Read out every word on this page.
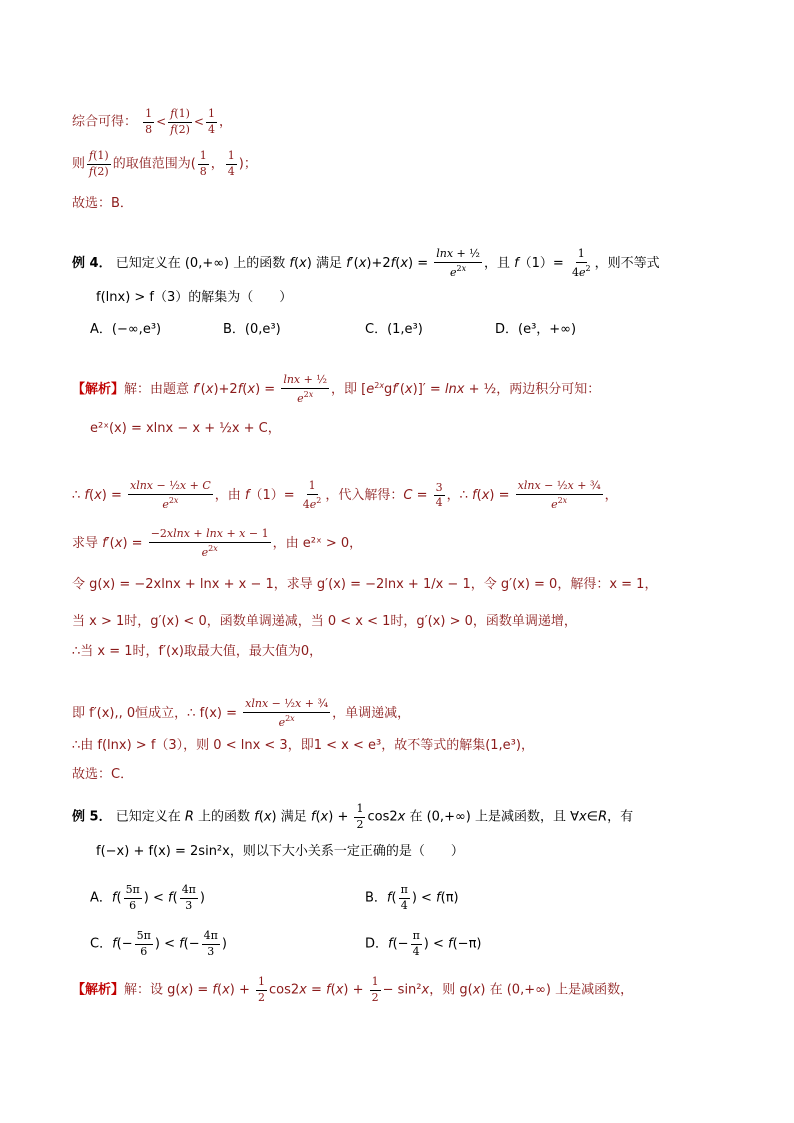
综合可得： $\frac{1}{8} < \frac{f(1)}{f(2)} < \frac{1}{4}$ ，
则 $\frac{f(1)}{f(2)}$ 的取值范围为( $\frac{1}{8}$ ， $\frac{1}{4}$ )；
故选：B．
例 4． 已知定义在 (0,+∞) 上的函数 f(x) 满足 $f'(x)+2f(x) = \frac{\text{lnx + ½}}{e^{2x}}$ ，且 $f(1)= \frac{1}{4e^2}$ ，则不等式
f(lnx) > f（3）的解集为（　　）
A．(−∞,e³)	B．(0,e³)	C．(1,e³)	D．(e³，+∞)
【解析】解：由题意 $f'(x)+2f(x) = \frac{\text{lnx + ½}}{e^{2x}}$ ，即 $[e^{2x}gf'(x)]' = \ln x$ + ½，两边积分可知：
e²ˣ(x) = xlnx − x + ½x + C，
∴ $f(x) = \frac{\text{xlnx − ½x + C}}{e^{2x}}$ ，由 $f(1)= \frac{1}{4e^2}$ ，代入解得：$C = \frac{3}{4}$ ，∴ $f(x) = \frac{\text{xlnx − ½x + ¾}}{e^{2x}}$ ，
求导 $f'(x) = \frac{-2xlnx + \ln x + x - 1}{e^{2x}}$ ，由 e²ˣ > 0，
令 g(x) = −2xlnx + lnx + x − 1，求导 g′(x) = −2lnx + 1/x − 1，令 g′(x) = 0，解得：x = 1，
当 x > 1时，g′(x) < 0，函数单调递减，当 0 < x < 1时，g′(x) > 0，函数单调递增，
∴当 x = 1时，f′(x)取最大值，最大值为0，
即 f′(x),, 0恒成立，∴ $f(x) = \frac{\text{xlnx − ½x + ¾}}{e^{2x}}$ ，单调递减，
∴由 f(lnx) > f（3），则 0 < lnx < 3，即1 < x < e³，故不等式的解集(1,e³)，
故选：C．
例 5． 已知定义在 R 上的函数 f(x) 满足 $f(x) + \frac{1}{2} \cos 2x$ 在 (0,+∞) 上是减函数，且 ∀x∈R，有
f(−x) + f(x) = 2sin²x，则以下大小关系一定正确的是（　　）
A．$f( \frac{5\pi}{6}$ ) < $f( \frac{4\pi}{3}$ )	B．$f( \frac{\pi}{4}$ ) < f(π)
C．$f(- \frac{5\pi}{6}$ ) < $f(- \frac{4\pi}{3}$ )	D．$f(- \frac{\pi}{4}$ ) < f(−π)
【解析】解：设 $g(x) = f(x) + \frac{1}{2} \cos 2x = f(x) + \frac{1}{2} - \sin^2x$，则 g(x) 在 (0,+∞) 上是减函数，
